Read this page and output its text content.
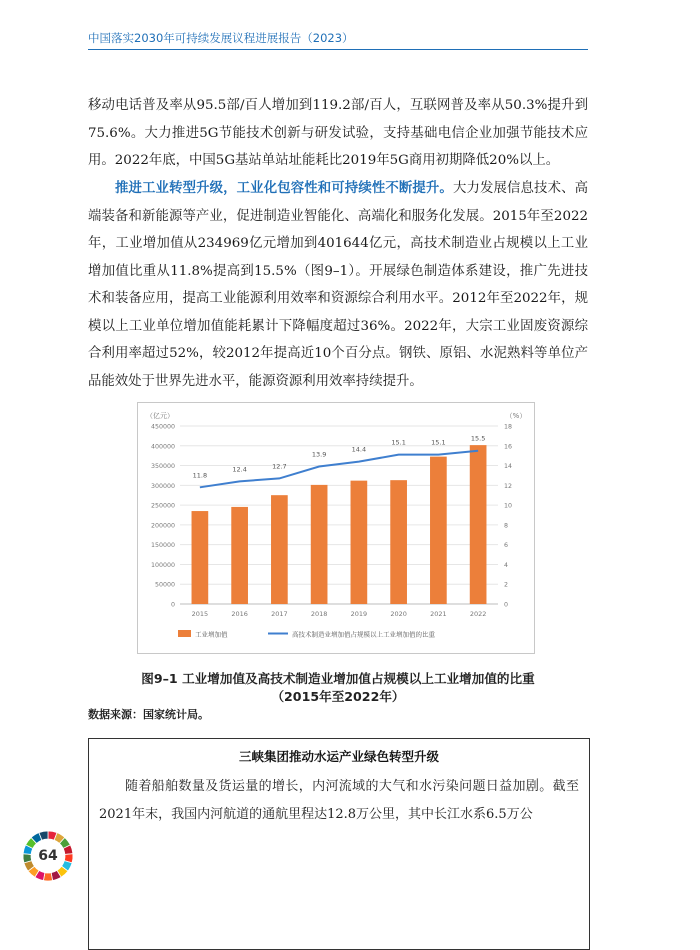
中国落实2030年可持续发展议程进展报告（2023）

移动电话普及率从95.5部/百人增加到119.2部/百人，互联网普及率从50.3%提升到75.6%。大力推进5G节能技术创新与研发试验，支持基础电信企业加强节能技术应用。2022年底，中国5G基站单站址能耗比2019年5G商用初期降低20%以上。

推进工业转型升级，工业化包容性和可持续性不断提升。大力发展信息技术、高端装备和新能源等产业，促进制造业智能化、高端化和服务化发展。2015年至2022年，工业增加值从234969亿元增加到401644亿元，高技术制造业占规模以上工业增加值比重从11.8%提高到15.5%（图9–1）。开展绿色制造体系建设，推广先进技术和装备应用，提高工业能源利用效率和资源综合利用水平。2012年至2022年，规模以上工业单位增加值能耗累计下降幅度超过36%。2022年，大宗工业固废资源综合利用率超过52%，较2012年提高近10个百分点。钢铁、原铝、水泥熟料等单位产品能效处于世界先进水平，能源资源利用效率持续提升。

0
50000
100000
150000
200000
250000
300000
350000
400000
450000
0
2
4
6
8
10
12
14
16
18
（亿元）	（%）
2015	2016	2017	2018	2019	2020	2021	2022
11.8
12.4	12.7
13.9
14.4
15.1	15.1	15.5
工业增加值	高技术制造业增加值占规模以上工业增加值的比重
图9–1 工业增加值及高技术制造业增加值占规模以上工业增加值的比重
（2015年至2022年）
数据来源：国家统计局。
三峡集团推动水运产业绿色转型升级

随着船舶数量及货运量的增长，内河流域的大气和水污染问题日益加剧。截至2021年末，我国内河航道的通航里程达12.8万公里，其中长江水系6.5万公

64
